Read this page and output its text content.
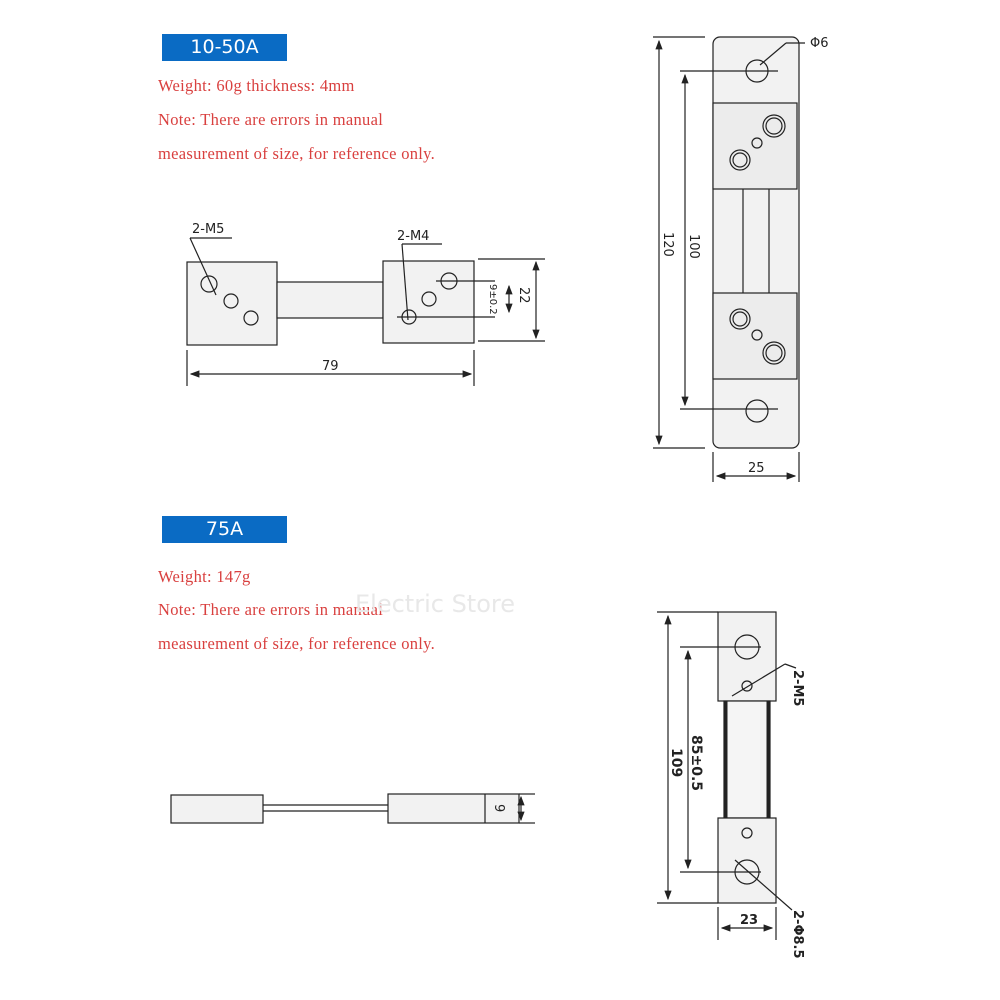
10-50A
Weight: 60g thickness: 4mm
Note: There are errors in manual
measurement of size, for reference only.
75A
Weight: 147g
Note: There are errors in manual
measurement of size, for reference only.
Electric Store
2-M5	2-M4
79
22
9±0.2
Φ6
120 100
25
9
2-M5
2-Φ8.5
109 85±0.5
23
